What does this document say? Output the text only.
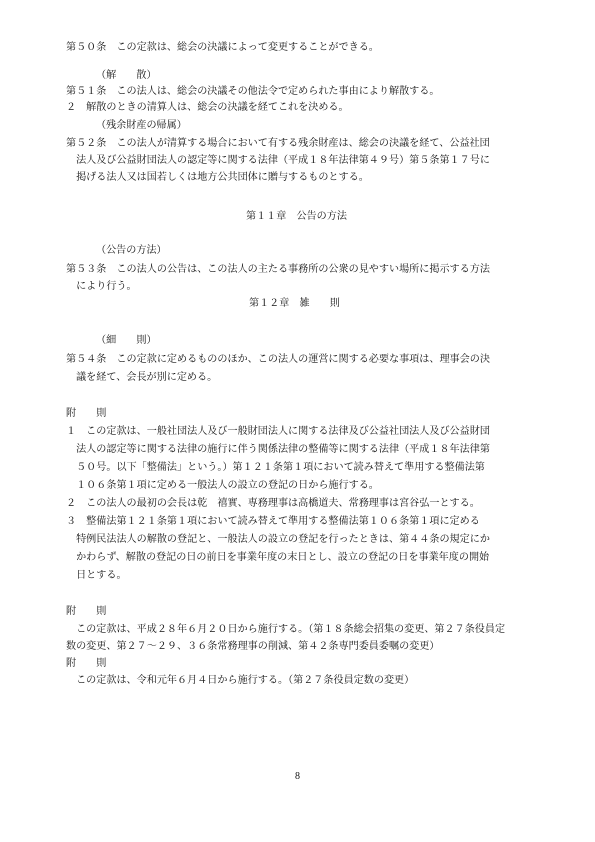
第５０条　この定款は、総会の決議によって変更することができる。
（解　　散）
第５１条　この法人は、総会の決議その他法令で定められた事由により解散する。
２　解散のときの清算人は、総会の決議を経てこれを決める。
（残余財産の帰属）
第５２条　この法人が清算する場合において有する残余財産は、総会の決議を経て、公益社団
　法人及び公益財団法人の認定等に関する法律（平成１８年法律第４９号）第５条第１７号に
　掲げる法人又は国若しくは地方公共団体に贈与するものとする。
第１１章　公告の方法
（公告の方法）
第５３条　この法人の公告は、この法人の主たる事務所の公衆の見やすい場所に掲示する方法
　により行う。
第１２章　雑　　則
（細　　則）
第５４条　この定款に定めるもののほか、この法人の運営に関する必要な事項は、理事会の決
　議を経て、会長が別に定める。
附　　則
１　この定款は、一般社団法人及び一般財団法人に関する法律及び公益社団法人及び公益財団
　法人の認定等に関する法律の施行に伴う関係法律の整備等に関する法律（平成１８年法律第
　５０号。以下「整備法」という。）第１２１条第１項において読み替えて準用する整備法第
　１０６条第１項に定める一般法人の設立の登記の日から施行する。
２　この法人の最初の会長は乾　禧實、専務理事は高橋道夫、常務理事は宮谷弘一とする。
３　整備法第１２１条第１項において読み替えて準用する整備法第１０６条第１項に定める
　特例民法法人の解散の登記と、一般法人の設立の登記を行ったときは、第４４条の規定にか
　かわらず、解散の登記の日の前日を事業年度の末日とし、設立の登記の日を事業年度の開始
　日とする。
附　　則
　この定款は、平成２８年６月２０日から施行する。（第１８条総会招集の変更、第２７条役員定
数の変更、第２７～２９、３６条常務理事の削減、第４２条専門委員委嘱の変更）
附　　則
　この定款は、令和元年６月４日から施行する。（第２７条役員定数の変更）
8
